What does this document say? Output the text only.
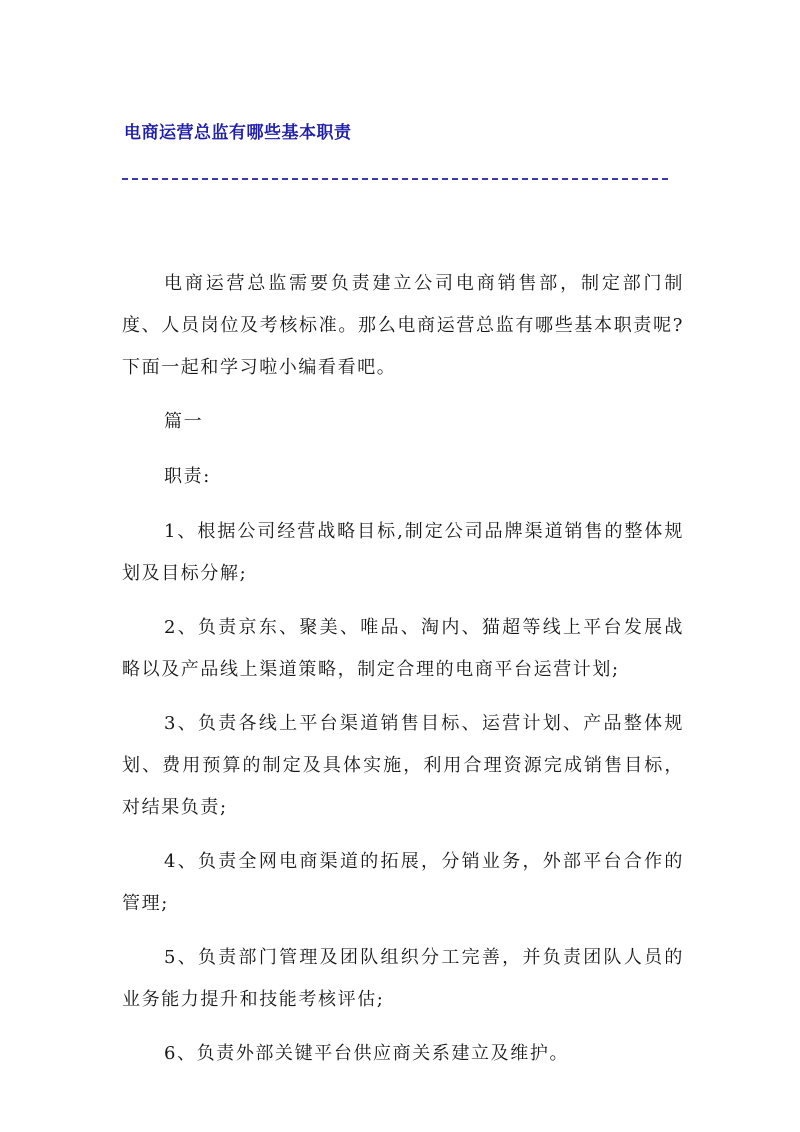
电商运营总监有哪些基本职责

电商运营总监需要负责建立公司电商销售部，制定部门制度、人员岗位及考核标准。那么电商运营总监有哪些基本职责呢?下面一起和学习啦小编看看吧。

篇一

职责:

1、根据公司经营战略目标,制定公司品牌渠道销售的整体规划及目标分解;

2、负责京东、聚美、唯品、淘内、猫超等线上平台发展战略以及产品线上渠道策略，制定合理的电商平台运营计划;

3、负责各线上平台渠道销售目标、运营计划、产品整体规划、费用预算的制定及具体实施，利用合理资源完成销售目标，对结果负责;

4、负责全网电商渠道的拓展，分销业务，外部平台合作的管理;

5、负责部门管理及团队组织分工完善，并负责团队人员的业务能力提升和技能考核评估;

6、负责外部关键平台供应商关系建立及维护。
